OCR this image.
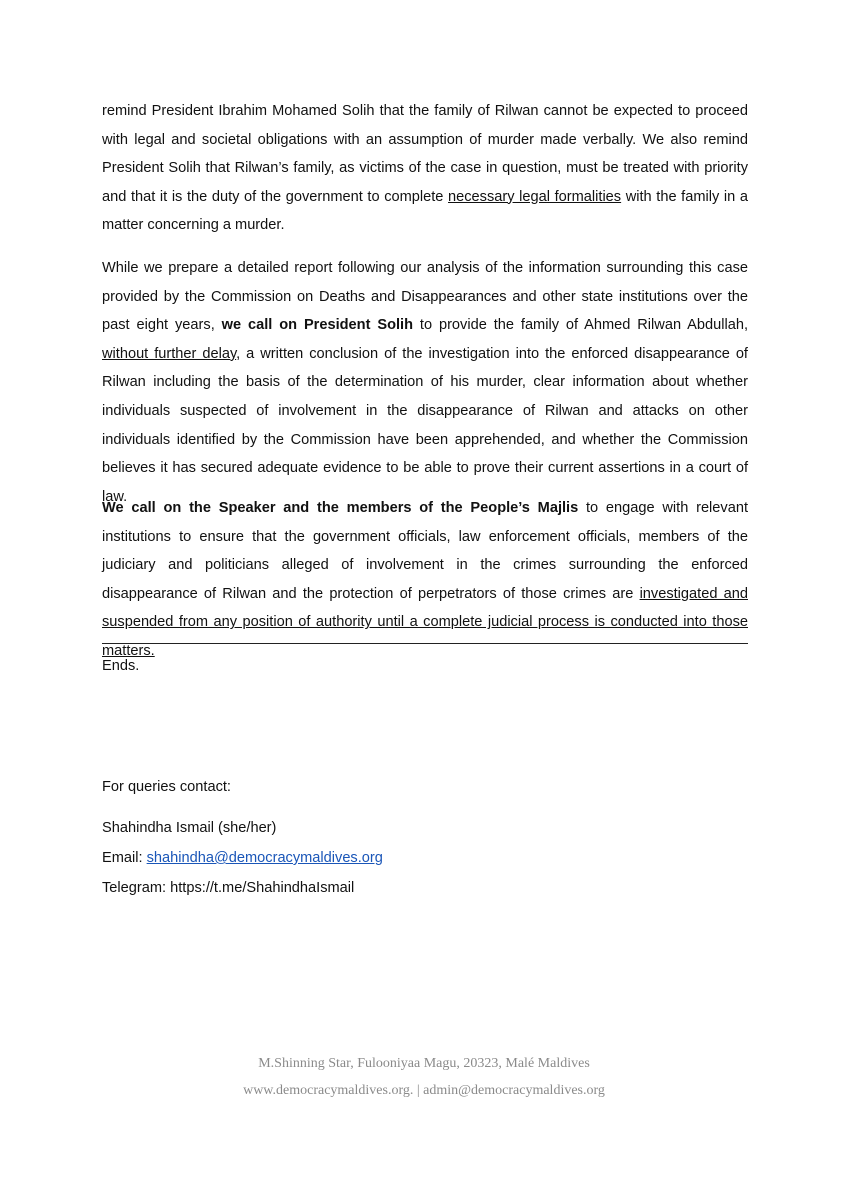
remind President Ibrahim Mohamed Solih that the family of Rilwan cannot be expected to proceed with legal and societal obligations with an assumption of murder made verbally. We also remind President Solih that Rilwan’s family, as victims of the case in question, must be treated with priority and that it is the duty of the government to complete necessary legal formalities with the family in a matter concerning a murder.

While we prepare a detailed report following our analysis of the information surrounding this case provided by the Commission on Deaths and Disappearances and other state institutions over the past eight years, we call on President Solih to provide the family of Ahmed Rilwan Abdullah, without further delay, a written conclusion of the investigation into the enforced disappearance of Rilwan including the basis of the determination of his murder, clear information about whether individuals suspected of involvement in the disappearance of Rilwan and attacks on other individuals identified by the Commission have been apprehended, and whether the Commission believes it has secured adequate evidence to be able to prove their current assertions in a court of law.

We call on the Speaker and the members of the People’s Majlis to engage with relevant institutions to ensure that the government officials, law enforcement officials, members of the judiciary and politicians alleged of involvement in the crimes surrounding the enforced disappearance of Rilwan and the protection of perpetrators of those crimes are investigated and suspended from any position of authority until a complete judicial process is conducted into those matters.

Ends.
For queries contact:
Shahindha Ismail (she/her)
Email: shahindha@democracymaldives.org
Telegram: https://t.me/ShahindhaIsmail
M.Shinning Star, Fulooniyaa Magu, 20323, Malé Maldives
www.democracymaldives.org. | admin@democracymaldives.org
